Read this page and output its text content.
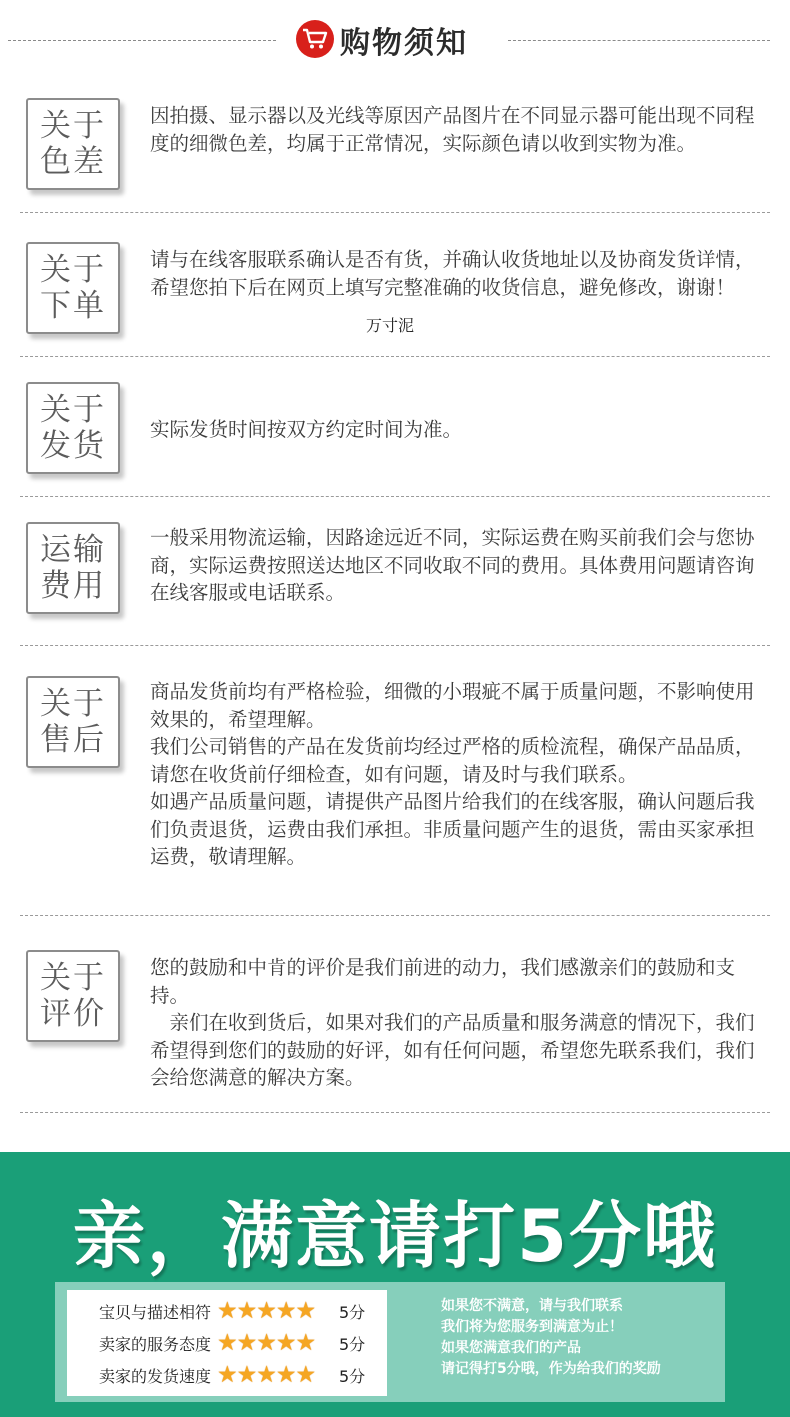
购物须知
关于
色差

因拍摄、显示器以及光线等原因产品图片在不同显示器可能出现不同程度的细微色差，均属于正常情况，实际颜色请以收到实物为准。

关于
下单

请与在线客服联系确认是否有货，并确认收货地址以及协商发货详情，希望您拍下后在网页上填写完整准确的收货信息，避免修改，谢谢！

万寸泥
关于
发货 实际发货时间按双方约定时间为准。

运输
费用

一般采用物流运输，因路途远近不同，实际运费在购买前我们会与您协商，实际运费按照送达地区不同收取不同的费用。具体费用问题请咨询在线客服或电话联系。

关于
售后

商品发货前均有严格检验，细微的小瑕疵不属于质量问题，不影响使用效果的，希望理解。

我们公司销售的产品在发货前均经过严格的质检流程，确保产品品质，请您在收货前仔细检查，如有问题，请及时与我们联系。

如遇产品质量问题，请提供产品图片给我们的在线客服，确认问题后我们负责退货，运费由我们承担。非质量问题产生的退货，需由买家承担运费，敬请理解。

关于
评价

您的鼓励和中肯的评价是我们前进的动力，我们感激亲们的鼓励和支持。

　亲们在收到货后，如果对我们的产品质量和服务满意的情况下，我们希望得到您们的鼓励的好评，如有任何问题，希望您先联系我们，我们会给您满意的解决方案。

亲，满意请打5分哦
宝贝与描述相符 ★ ★ ★ ★ ★ 5分
卖家的服务态度 ★ ★ ★ ★ ★ 5分
卖家的发货速度 ★ ★ ★ ★ ★ 5分

如果您不满意，请与我们联系

我们将为您服务到满意为止！

如果您满意我们的产品

请记得打5分哦，作为给我们的奖励
